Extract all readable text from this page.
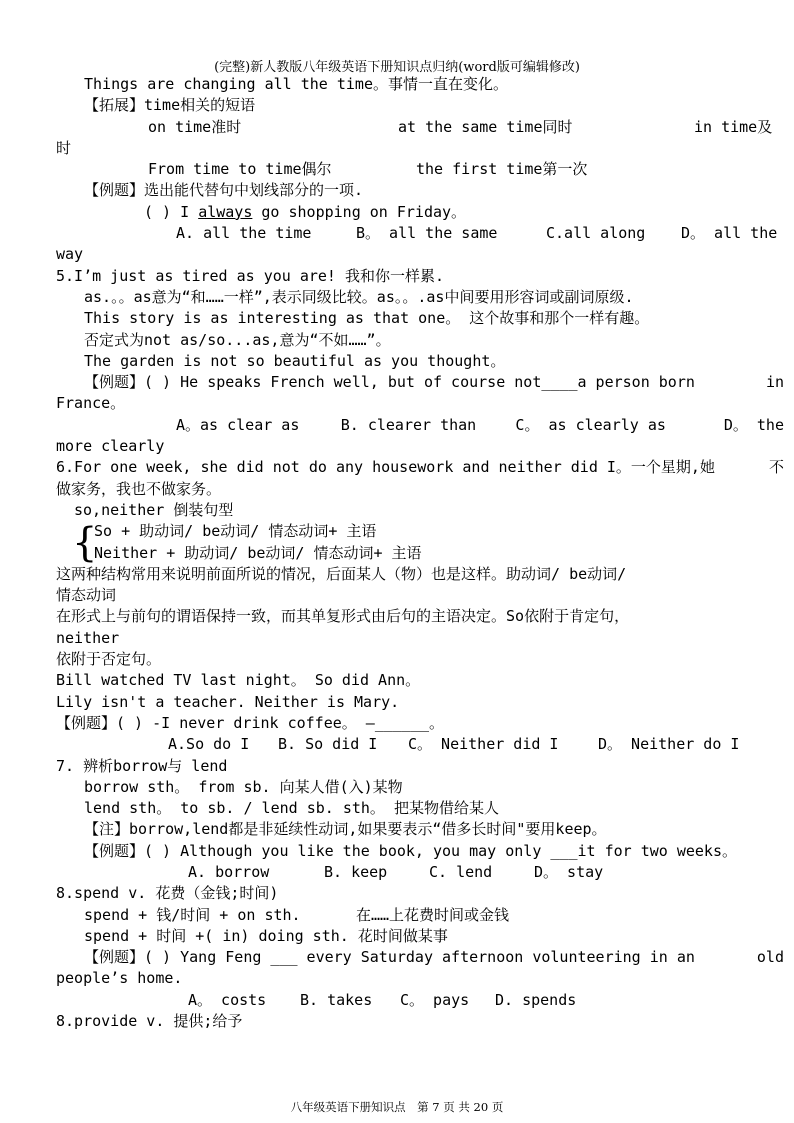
(完整)新人教版八年级英语下册知识点归纳(word版可编辑修改)
Things are changing all the time。事情一直在变化。
【拓展】time相关的短语
on time准时	at the same time同时	in time及
时
From time to time偶尔	the first time第一次
【例题】选出能代替句中划线部分的一项.
( ) I always go shopping on Friday。
A. all the time	B。 all the same	C.all along	D。 all the
way
5.I’m just as tired as you are! 我和你一样累.
as.。。as意为“和……一样”,表示同级比较。as。。.as中间要用形容词或副词原级.
This story is as interesting as that one。 这个故事和那个一样有趣。
否定式为not as/so...as,意为“不如……”。
The garden is not so beautiful as you thought。
【例题】( ) He speaks French well, but of course not____a person born	in
France。
A。as clear as	B. clearer than	C。 as clearly as	D。 the
more clearly
6.For one week, she did not do any housework and neither did I。一个星期,她	不
做家务，我也不做家务。
so,neither 倒装句型
{
So + 助动词/ be动词/ 情态动词+ 主语
Neither + 助动词/ be动词/ 情态动词+ 主语
这两种结构常用来说明前面所说的情况，后面某人（物）也是这样。助动词/ be动词/
情态动词
在形式上与前句的谓语保持一致，而其单复形式由后句的主语决定。So依附于肯定句，
neither
依附于否定句。
Bill watched TV last night。 So did Ann。
Lily isn't a teacher. Neither is Mary.
【例题】( ) -I never drink coffee。 —______。
A.So do I	B. So did I	C。 Neither did I	D。 Neither do I
7. 辨析borrow与 lend
borrow sth。 from sb. 向某人借(入)某物
lend sth。 to sb. / lend sb. sth。 把某物借给某人
【注】borrow,lend都是非延续性动词,如果要表示“借多长时间"要用keep。
【例题】( ) Although you like the book, you may only ___it for two weeks。
A. borrow	B. keep	C. lend	D。 stay
8.spend v. 花费（金钱;时间)
spend + 钱/时间 + on sth.	在……上花费时间或金钱
spend + 时间 +( in) doing sth. 花时间做某事
【例题】( ) Yang Feng ___ every Saturday afternoon volunteering in an	old
people’s home.
A。 costs	B. takes	C。 pays	D. spends
8.provide v. 提供;给予
八年级英语下册知识点　第 7 页 共 20 页
